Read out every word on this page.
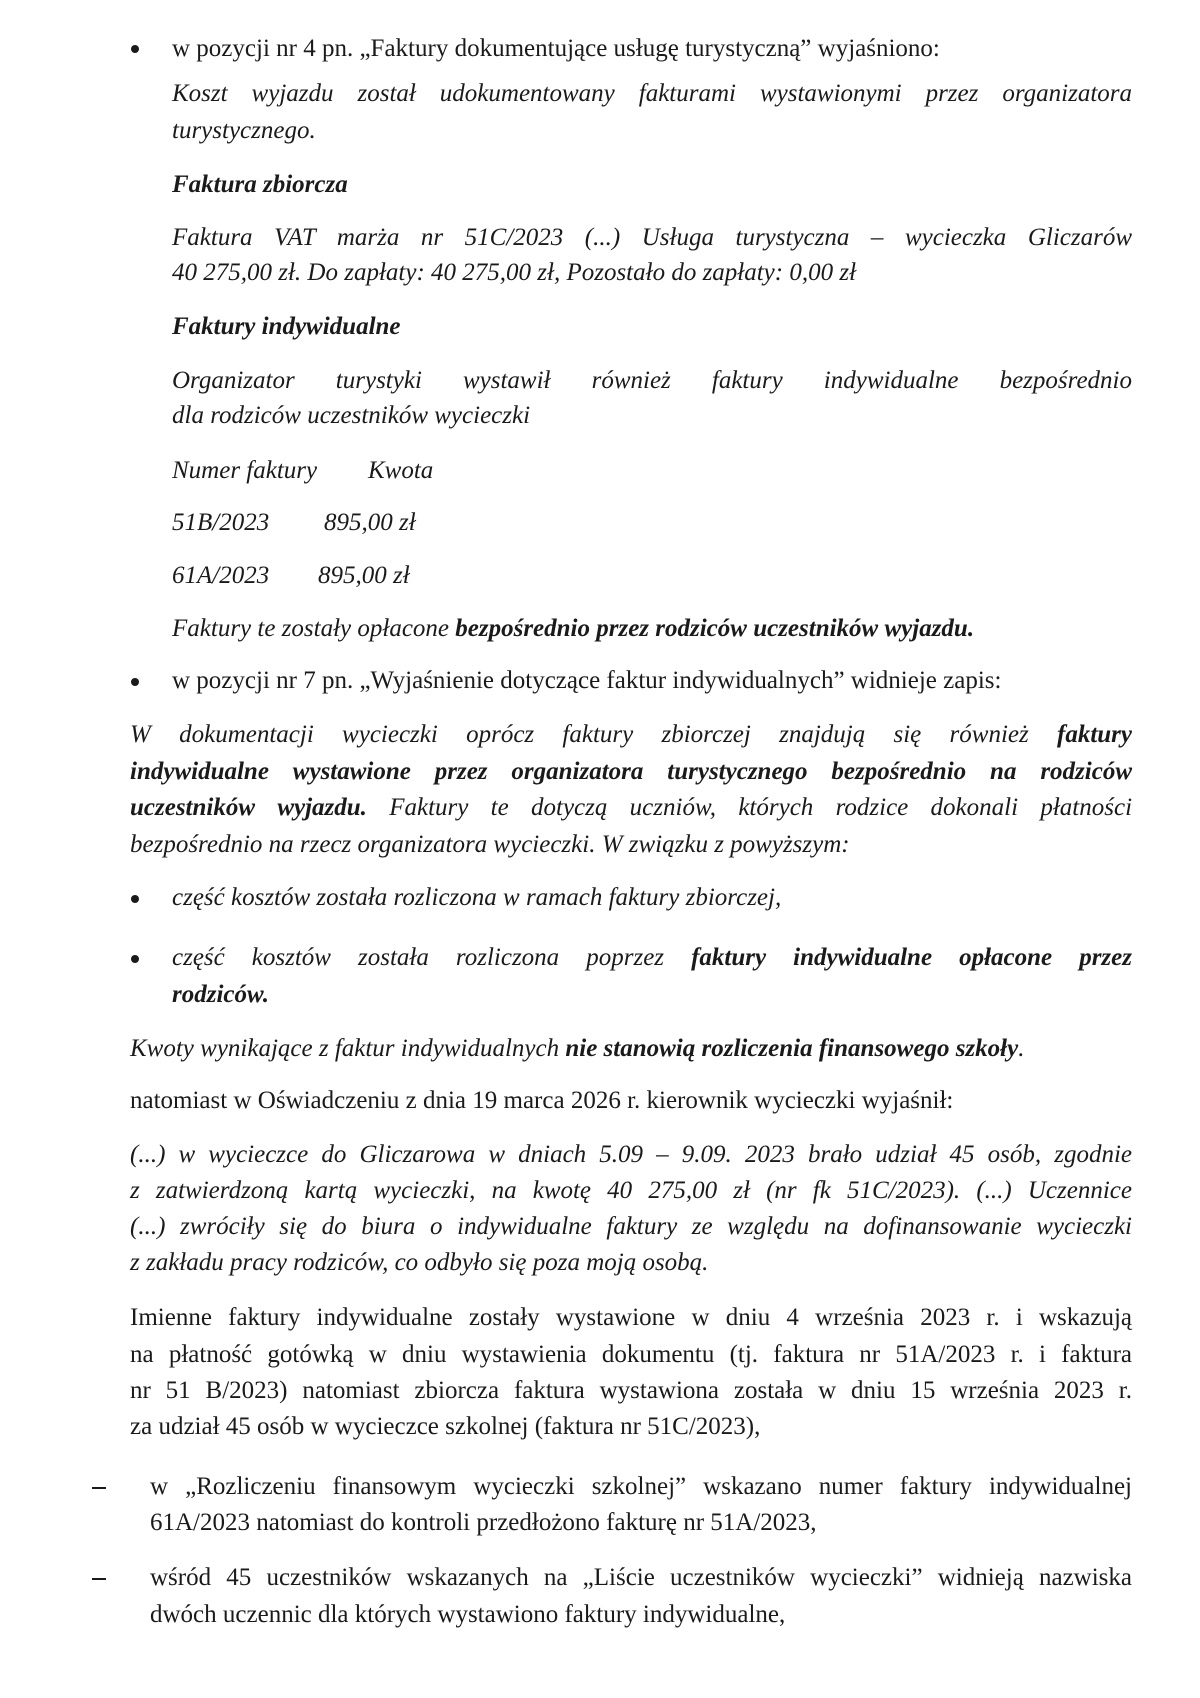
w pozycji nr 4 pn. „Faktury dokumentujące usługę turystyczną” wyjaśniono:
Koszt wyjazdu został udokumentowany fakturami wystawionymi przez organizatora
turystycznego.
Faktura zbiorcza
Faktura VAT marża nr 51C/2023 (...) Usługa turystyczna – wycieczka Gliczarów
40 275,00 zł. Do zapłaty: 40 275,00 zł, Pozostało do zapłaty: 0,00 zł
Faktury indywidualne
Organizator turystyki wystawił również faktury indywidualne bezpośrednio
dla rodziców uczestników wycieczki
Numer faktury Kwota
51B/2023 895,00 zł
61A/2023 895,00 zł
Faktury te zostały opłacone bezpośrednio przez rodziców uczestników wyjazdu.
w pozycji nr 7 pn. „Wyjaśnienie dotyczące faktur indywidualnych” widnieje zapis:
W dokumentacji wycieczki oprócz faktury zbiorczej znajdują się również faktury
indywidualne wystawione przez organizatora turystycznego bezpośrednio na rodziców
uczestników wyjazdu. Faktury te dotyczą uczniów, których rodzice dokonali płatności
bezpośrednio na rzecz organizatora wycieczki. W związku z powyższym:
część kosztów została rozliczona w ramach faktury zbiorczej,
część kosztów została rozliczona poprzez faktury indywidualne opłacone przez
rodziców.
Kwoty wynikające z faktur indywidualnych nie stanowią rozliczenia finansowego szkoły.
natomiast w Oświadczeniu z dnia 19 marca 2026 r. kierownik wycieczki wyjaśnił:
(...) w wycieczce do Gliczarowa w dniach 5.09 – 9.09. 2023 brało udział 45 osób, zgodnie
z zatwierdzoną kartą wycieczki, na kwotę 40 275,00 zł (nr fk 51C/2023). (...) Uczennice
(...) zwróciły się do biura o indywidualne faktury ze względu na dofinansowanie wycieczki
z zakładu pracy rodziców, co odbyło się poza moją osobą.
Imienne faktury indywidualne zostały wystawione w dniu 4 września 2023 r. i wskazują
na płatność gotówką w dniu wystawienia dokumentu (tj. faktura nr 51A/2023 r. i faktura
nr 51 B/2023) natomiast zbiorcza faktura wystawiona została w dniu 15 września 2023 r.
za udział 45 osób w wycieczce szkolnej (faktura nr 51C/2023),
w „Rozliczeniu finansowym wycieczki szkolnej” wskazano numer faktury indywidualnej
61A/2023 natomiast do kontroli przedłożono fakturę nr 51A/2023,
wśród 45 uczestników wskazanych na „Liście uczestników wycieczki” widnieją nazwiska
dwóch uczennic dla których wystawiono faktury indywidualne,
